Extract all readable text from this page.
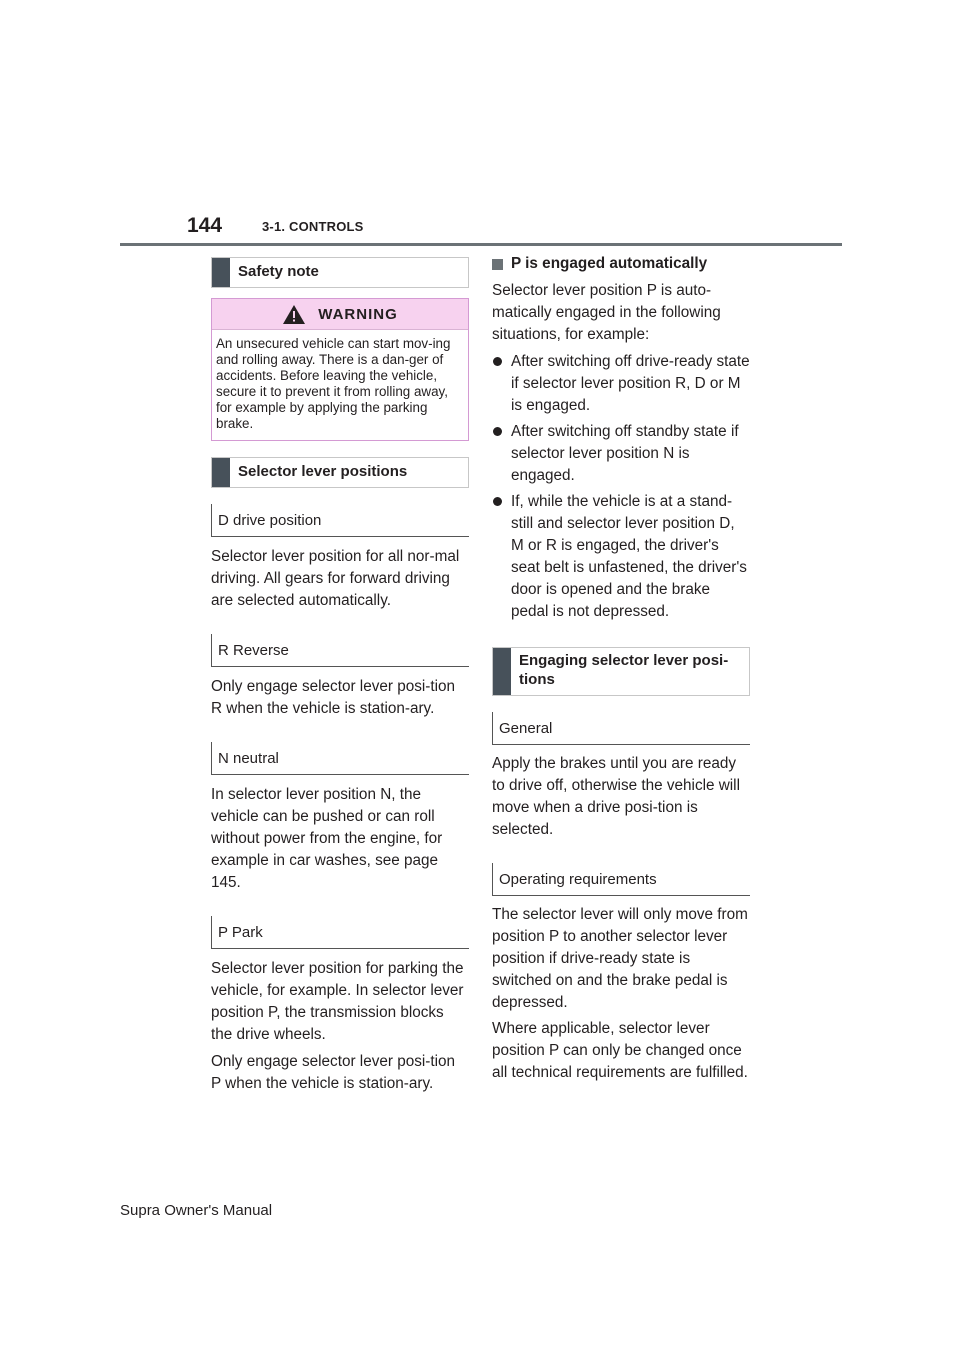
144	3-1. CONTROLS
Safety note
WARNING
An unsecured vehicle can start mov-ing and rolling away. There is a dan-ger of accidents. Before leaving the vehicle, secure it to prevent it from rolling away, for example by applying the parking brake.
Selector lever positions
D drive position

Selector lever position for all nor-mal driving. All gears for forward driving are selected automatically.

R Reverse

Only engage selector lever posi-tion R when the vehicle is station-ary.

N neutral

In selector lever position N, the vehicle can be pushed or can roll without power from the engine, for example in car washes, see page 145.

P Park

Selector lever position for parking the vehicle, for example. In selector lever position P, the transmission blocks the drive wheels.

Only engage selector lever posi-tion P when the vehicle is station-ary.

P is engaged automatically

Selector lever position P is auto-matically engaged in the following situations, for example:

After switching off drive-ready state if selector lever position R, D or M is engaged.
After switching off standby state if selector lever position N is engaged.
If, while the vehicle is at a stand-still and selector lever position D, M or R is engaged, the driver's seat belt is unfastened, the driver's door is opened and the brake pedal is not depressed.
Engaging selector lever posi-tions
General

Apply the brakes until you are ready to drive off, otherwise the vehicle will move when a drive posi-tion is selected.

Operating requirements

The selector lever will only move from position P to another selector lever position if drive-ready state is switched on and the brake pedal is depressed.

Where applicable, selector lever position P can only be changed once all technical requirements are fulfilled.

Supra Owner's Manual
